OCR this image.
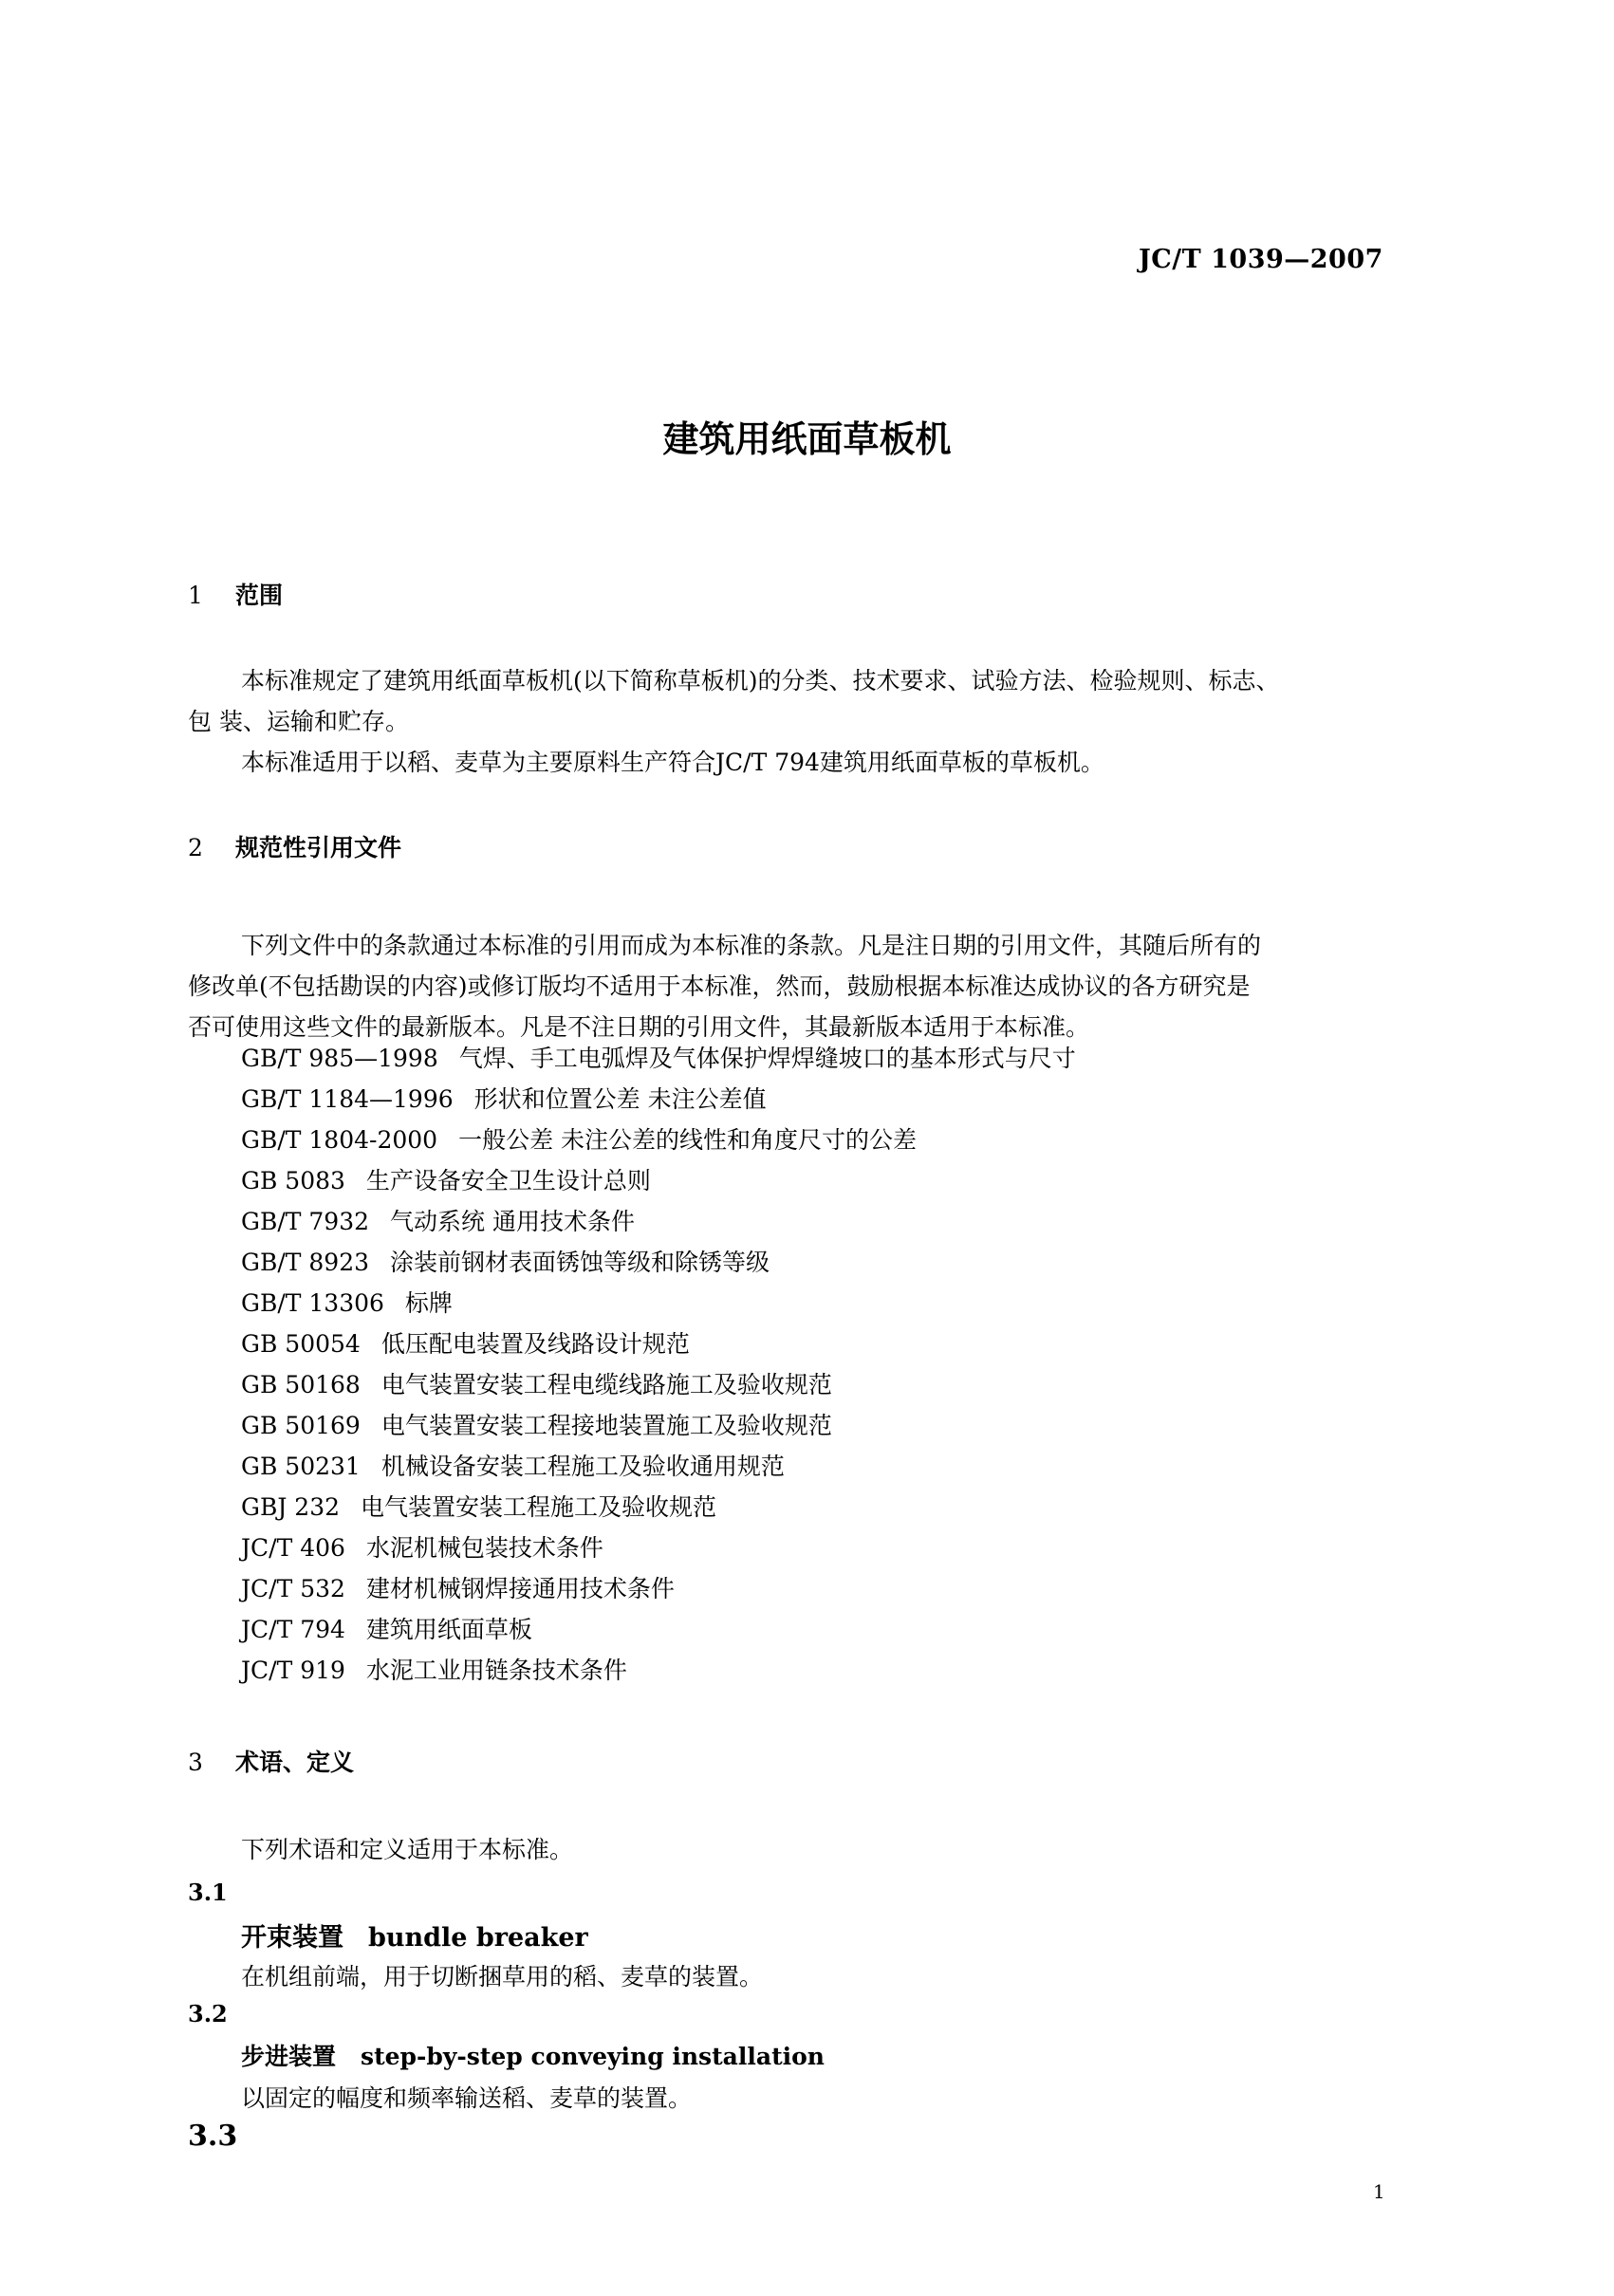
JC/T 1039—2007
建筑用纸面草板机
1 范围
本标准规定了建筑用纸面草板机(以下简称草板机)的分类、技术要求、试验方法、检验规则、标志、
包 装、运输和贮存。
本标准适用于以稻、麦草为主要原料生产符合JC/T 794建筑用纸面草板的草板机。
2 规范性引用文件
下列文件中的条款通过本标准的引用而成为本标准的条款。凡是注日期的引用文件，其随后所有的
修改单(不包括勘误的内容)或修订版均不适用于本标准，然而，鼓励根据本标准达成协议的各方研究是
否可使用这些文件的最新版本。凡是不注日期的引用文件，其最新版本适用于本标准。
GB/T 985—1998 气焊、手工电弧焊及气体保护焊焊缝坡口的基本形式与尺寸
GB/T 1184—1996 形状和位置公差 未注公差值
GB/T 1804-2000 一般公差 未注公差的线性和角度尺寸的公差
GB 5083 生产设备安全卫生设计总则
GB/T 7932 气动系统 通用技术条件
GB/T 8923 涂装前钢材表面锈蚀等级和除锈等级
GB/T 13306 标牌
GB 50054 低压配电装置及线路设计规范
GB 50168 电气装置安装工程电缆线路施工及验收规范
GB 50169 电气装置安装工程接地装置施工及验收规范
GB 50231 机械设备安装工程施工及验收通用规范
GBJ 232 电气装置安装工程施工及验收规范
JC/T 406 水泥机械包装技术条件
JC/T 532 建材机械钢焊接通用技术条件
JC/T 794 建筑用纸面草板
JC/T 919 水泥工业用链条技术条件
3 术语、定义
下列术语和定义适用于本标准。
3.1
开束装置 bundle breaker
在机组前端，用于切断捆草用的稻、麦草的装置。
3.2
步进装置 step-by-step conveying installation
以固定的幅度和频率输送稻、麦草的装置。
3.3
1
